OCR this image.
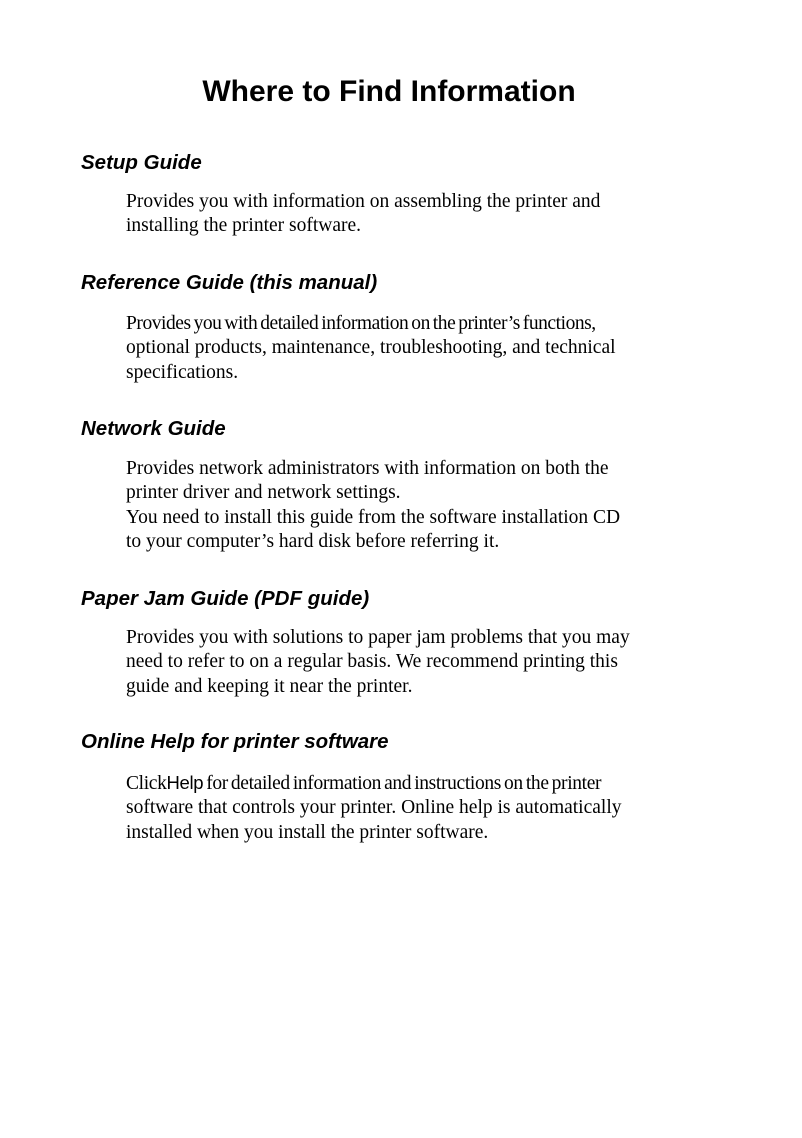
Where to Find Information
Setup Guide

Provides you with information on assembling the printer and
installing the printer software.

Reference Guide (this manual)

Provides you with detailed information on the printer’s functions,
optional products, maintenance, troubleshooting, and technical
specifications.

Network Guide

Provides network administrators with information on both the
printer driver and network settings.
You need to install this guide from the software installation CD
to your computer’s hard disk before referring it.

Paper Jam Guide (PDF guide)

Provides you with solutions to paper jam problems that you may
need to refer to on a regular basis. We recommend printing this
guide and keeping it near the printer.

Online Help for printer software

ClickHelp for detailed information and instructions on the printer
software that controls your printer. Online help is automatically
installed when you install the printer software.
